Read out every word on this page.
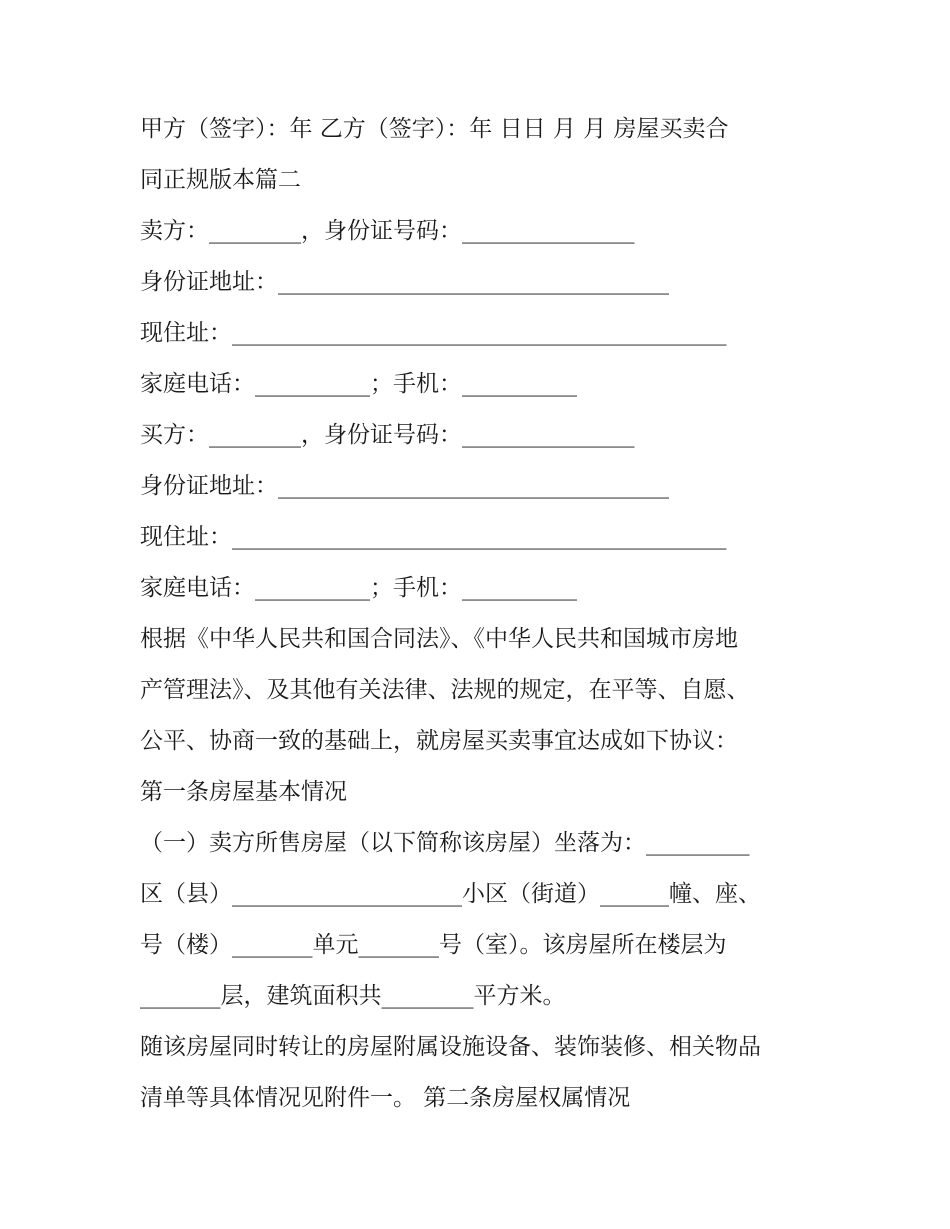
甲方（签字）：年 乙方（签字）：年 日日 月 月 房屋买卖合
同正规版本篇二
卖方：________，身份证号码：_______________
身份证地址：__________________________________
现住址：___________________________________________
家庭电话：__________；手机：__________
买方：________，身份证号码：_______________
身份证地址：__________________________________
现住址：___________________________________________
家庭电话：__________；手机：__________
根据《中华人民共和国合同法》、《中华人民共和国城市房地
产管理法》、及其他有关法律、法规的规定，在平等、自愿、
公平、协商一致的基础上，就房屋买卖事宜达成如下协议：
第一条房屋基本情况
（一）卖方所售房屋（以下简称该房屋）坐落为：_________
区（县）____________________小区（街道）______幢、座、
号（楼）_______单元_______号（室）。该房屋所在楼层为
_______层，建筑面积共________平方米。
随该房屋同时转让的房屋附属设施设备、装饰装修、相关物品
清单等具体情况见附件一。 第二条房屋权属情况
